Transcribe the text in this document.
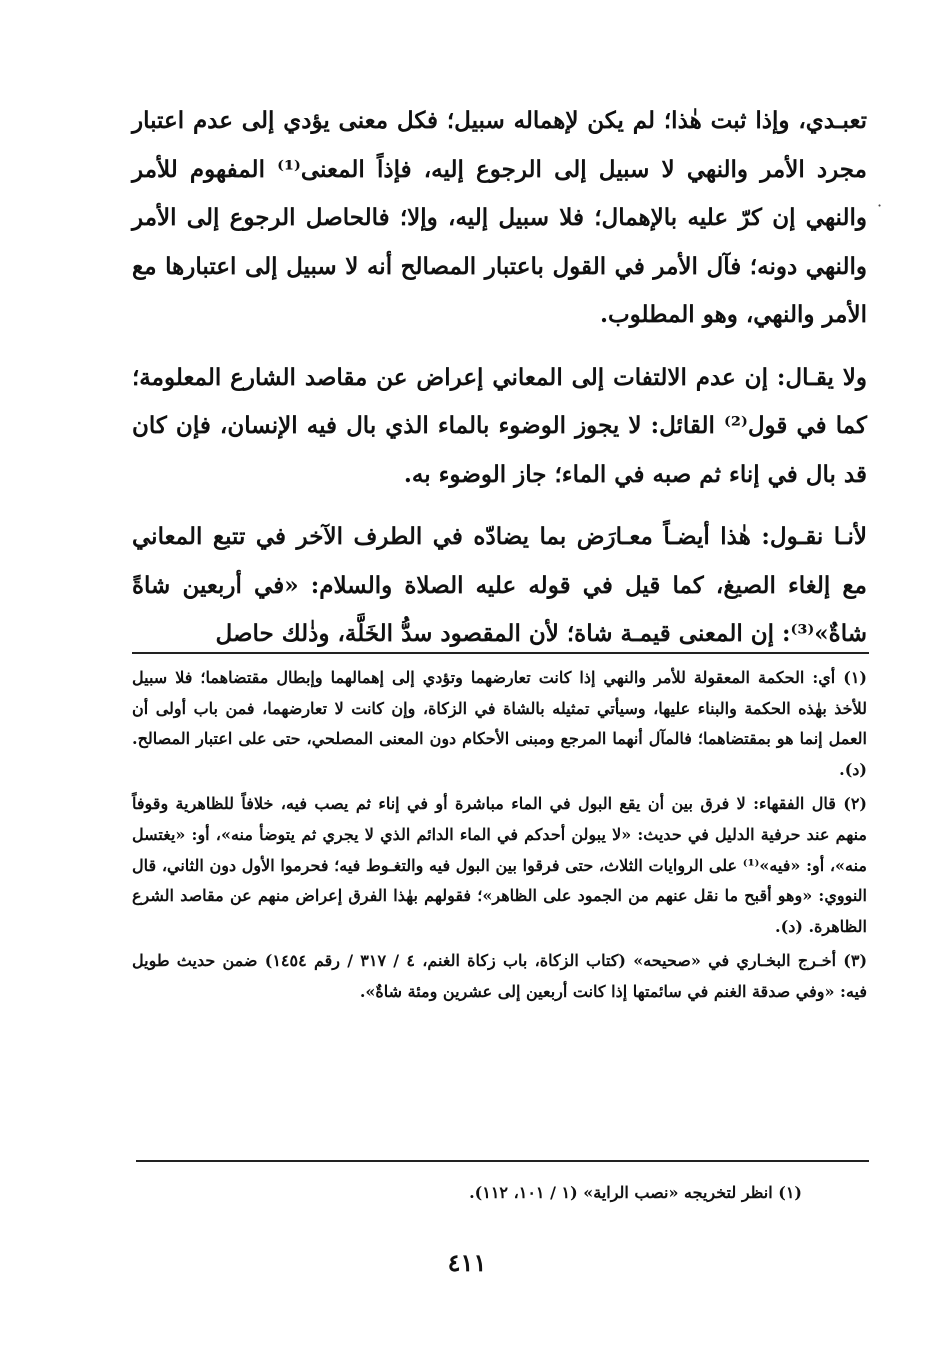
تعبـدي، وإذا ثبت هٰذا؛ لم يكن لإهماله سبيل؛ فكل معنى يؤدي إلى عدم اعتبار مجرد الأمر والنهي لا سبيل إلى الرجوع إليه، فإذاً المعنى⁽¹⁾ المفهوم للأمر والنهي إن كرّ عليه بالإهمال؛ فلا سبيل إليه، وإلا؛ فالحاصل الرجوع إلى الأمر والنهي دونه؛ فآل الأمر في القول باعتبار المصالح أنه لا سبيل إلى اعتبارها مع الأمر والنهي، وهو المطلوب.

ولا يقـال: إن عدم الالتفات إلى المعاني إعراض عن مقاصد الشارع المعلومة؛ كما في قول⁽²⁾ القائل: لا يجوز الوضوء بالماء الذي بال فيه الإنسان، فإن كان قد بال في إناء ثم صبه في الماء؛ جاز الوضوء به.

لأنـا نقـول: هٰذا أيضـاً معـارَض بما يضادّه في الطرف الآخر في تتبع المعاني مع إلغاء الصيغ، كما قيل في قوله عليه الصلاة والسلام: «في أربعين شاةً شاةٌ»⁽³⁾: إن المعنى قيمـة شاة؛ لأن المقصود سدُّ الخَلَّة، وذٰلك حاصل

·

(١) أي: الحكمة المعقولة للأمر والنهي إذا كانت تعارضهما وتؤدي إلى إهمالهما وإبطال مقتضاهما؛ فلا سبيل للأخذ بهٰذه الحكمة والبناء عليها، وسيأتي تمثيله بالشاة في الزكاة، وإن كانت لا تعارضهما، فمن باب أولى أن العمل إنما هو بمقتضاهما؛ فالمآل أنهما المرجع ومبنى الأحكام دون المعنى المصلحي، حتى على اعتبار المصالح. (د).

(٢) قال الفقهاء: لا فرق بين أن يقع البول في الماء مباشرة أو في إناء ثم يصب فيه، خلافاً للظاهرية وقوفاً منهم عند حرفية الدليل في حديث: «لا يبولن أحدكم في الماء الدائم الذي لا يجري ثم يتوضأ منه»، أو: «يغتسل منه»، أو: «فيه»⁽¹⁾ على الروايات الثلاث، حتى فرقوا بين البول فيه والتغـوط فيه؛ فحرموا الأول دون الثاني، قال النووي: «وهو أقبح ما نقل عنهم من الجمود على الظاهر»؛ فقولهم بهٰذا الفرق إعراض منهم عن مقاصد الشرع الظاهرة. (د).

(٣) أخـرج البخـاري في «صحيحه» (كتاب الزكاة، باب زكاة الغنم، ٤ / ٣١٧ / رقم ١٤٥٤) ضمن حديث طويل فيه: «وفي صدقة الغنم في سائمتها إذا كانت أربعين إلى عشرين ومئة شاةٌ».

(١) انظر لتخريجه «نصب الراية» (١ / ١٠١، ١١٢).
٤١١
